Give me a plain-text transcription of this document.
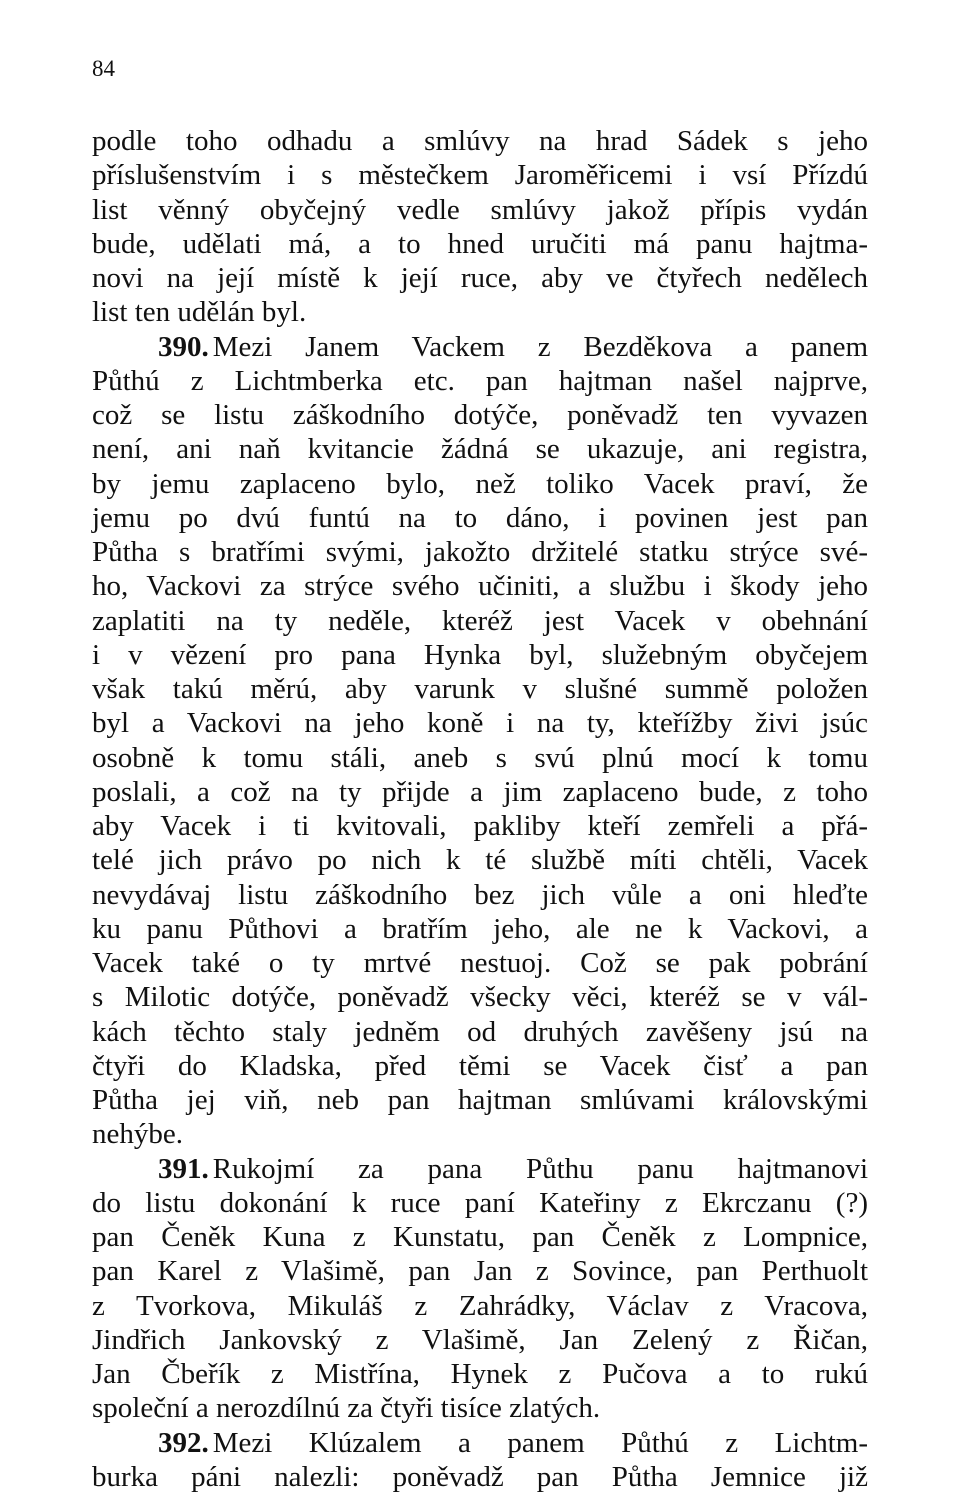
84
podle toho odhadu a smlúvy na hrad Sádek s jeho
příslušenstvím i s městečkem Jaroměřicemi i vsí Přízdú
list věnný obyčejný vedle smlúvy jakož přípis vydán
bude, udělati má, a to hned uručiti má panu hajtma-
novi na její místě k její ruce, aby ve čtyřech nedělech
list ten udělán byl.
390. Mezi Janem Vackem z Bezděkova a panem
Půthú z Lichtmberka etc. pan hajtman našel najprve,
což se listu záškodního dotýče, poněvadž ten vyvazen
není, ani naň kvitancie žádná se ukazuje, ani registra,
by jemu zaplaceno bylo, než toliko Vacek praví, že
jemu po dvú funtú na to dáno, i povinen jest pan
Půtha s bratřími svými, jakožto držitelé statku strýce své-
ho, Vackovi za strýce svého učiniti, a službu i škody jeho
zaplatiti na ty neděle, kteréž jest Vacek v obehnání
i v vězení pro pana Hynka byl, služebným obyčejem
však takú měrú, aby varunk v slušné summě položen
byl a Vackovi na jeho koně i na ty, kteřížby živi jsúc
osobně k tomu stáli, aneb s svú plnú mocí k tomu
poslali, a což na ty přijde a jim zaplaceno bude, z toho
aby Vacek i ti kvitovali, pakliby kteří zemřeli a přá-
telé jich právo po nich k té službě míti chtěli, Vacek
nevydávaj listu záškodního bez jich vůle a oni hleďte
ku panu Půthovi a bratřím jeho, ale ne k Vackovi, a
Vacek také o ty mrtvé nestuoj. Což se pak pobrání
s Milotic dotýče, poněvadž všecky věci, kteréž se v vál-
kách těchto staly jedněm od druhých zavěšeny jsú na
čtyři do Kladska, před těmi se Vacek čisť a pan
Půtha jej viň, neb pan hajtman smlúvami královskými
nehýbe.
391. Rukojmí za pana Půthu panu hajtmanovi
do listu dokonání k ruce paní Kateřiny z Ekrczanu (?)
pan Čeněk Kuna z Kunstatu, pan Čeněk z Lompnice,
pan Karel z Vlašimě, pan Jan z Sovince, pan Perthuolt
z Tvorkova, Mikuláš z Zahrádky, Václav z Vracova,
Jindřich Jankovský z Vlašimě, Jan Zelený z Řičan,
Jan Čbeřík z Mistřína, Hynek z Pučova a to rukú
společní a nerozdílnú za čtyři tisíce zlatých.
392. Mezi Klúzalem a panem Půthú z Lichtm-
burka páni nalezli: poněvadž pan Půtha Jemnice již
